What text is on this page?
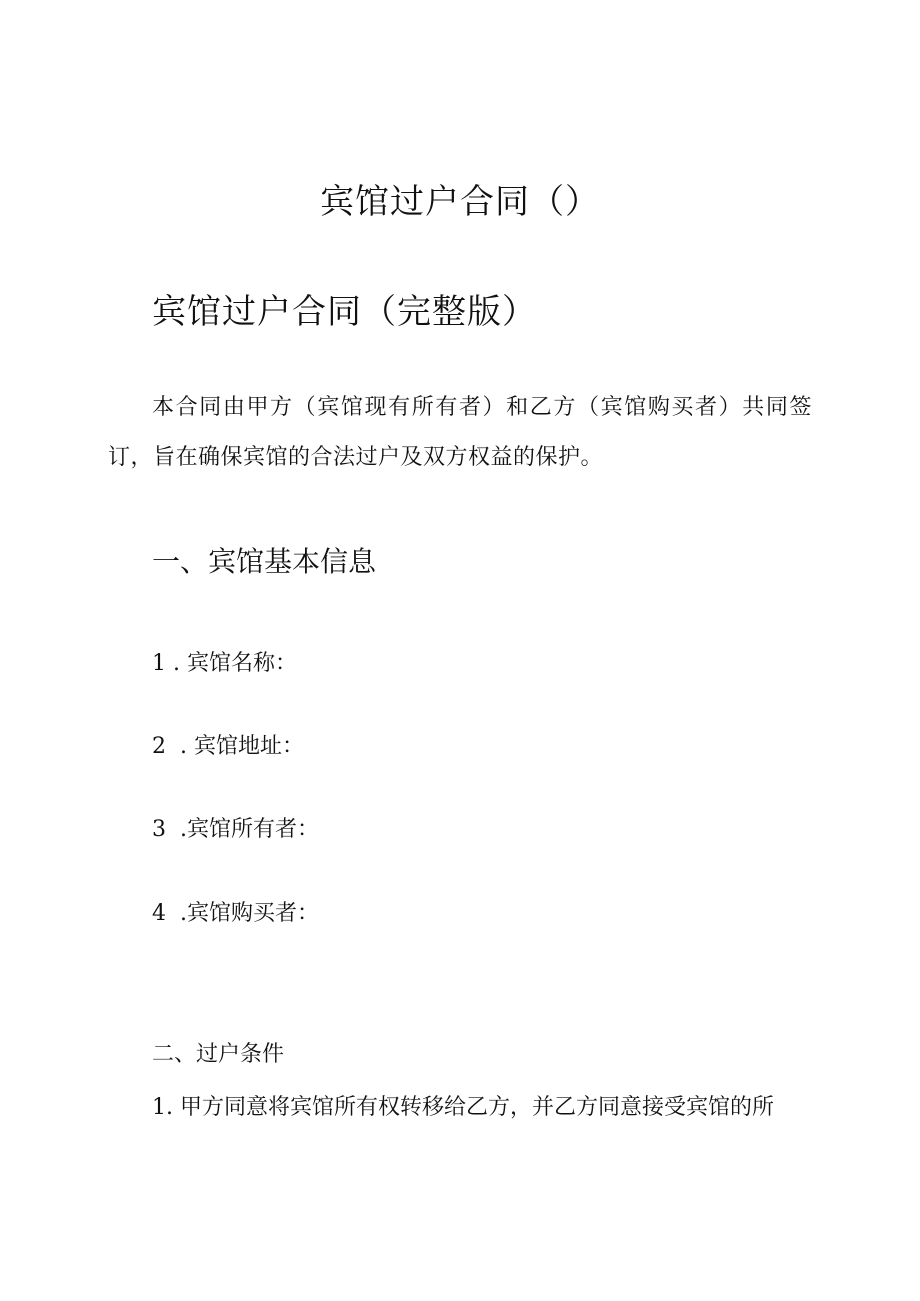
宾馆过户合同（）
宾馆过户合同（完整版）
本合同由甲方（宾馆现有所有者）和乙方（宾馆购买者）共同签订，旨在确保宾馆的合法过户及双方权益的保护。
一、宾馆基本信息
1 . 宾馆名称：
2  . 宾馆地址：
3  .宾馆所有者：
4  .宾馆购买者：
二、过户条件
1. 甲方同意将宾馆所有权转移给乙方，并乙方同意接受宾馆的所
